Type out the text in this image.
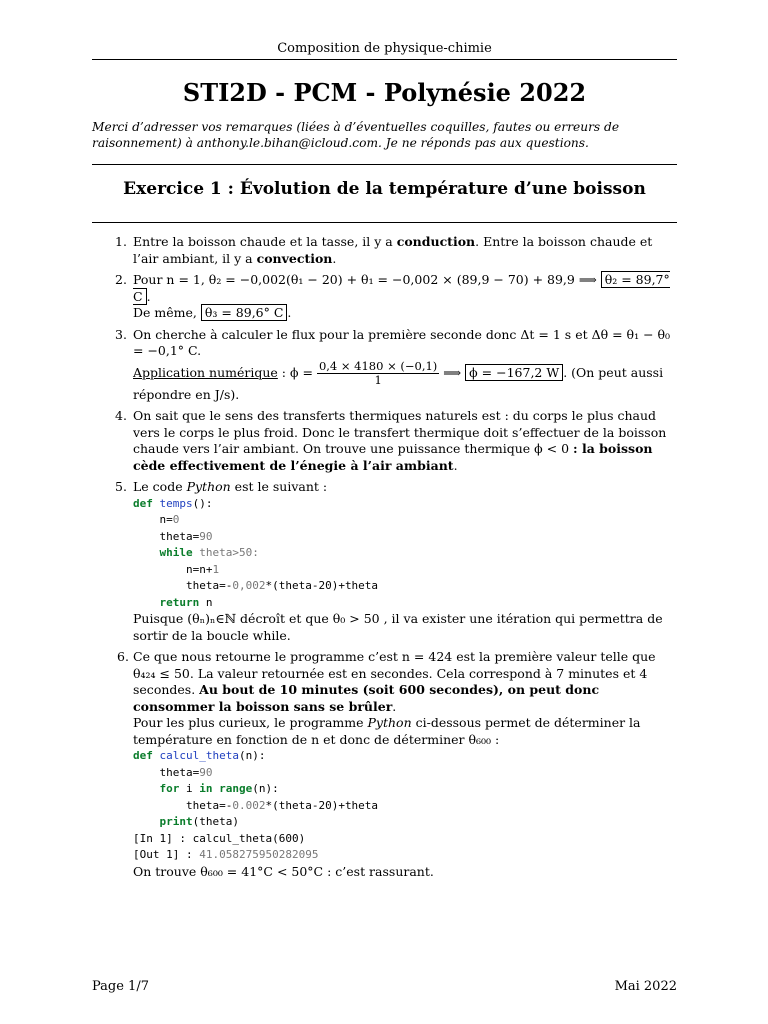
Composition de physique-chimie
STI2D - PCM - Polynésie 2022
Merci d’adresser vos remarques (liées à d’éventuelles coquilles, fautes ou erreurs de raisonnement) à anthony.le.bihan@icloud.com. Je ne réponds pas aux questions.
Exercice 1 : Évolution de la température d’une boisson
1. Entre la boisson chaude et la tasse, il y a conduction. Entre la boisson chaude et l’air ambiant, il y a convection.
2. Pour n = 1, θ₂ = −0,002(θ₁ − 20) + θ₁ = −0,002 × (89,9 − 70) + 89,9 ⟹ θ₂ = 89,7° C .
De même, θ₃ = 89,6° C .
3. On cherche à calculer le flux pour la première seconde donc Δt = 1 s et Δθ = θ₁ − θ₀ = −0,1° C.
Application numérique : $\phi = \frac{0,4 \times 4180 \times (-0,1)}{1}$ ⟹ ϕ = −167,2 W . (On peut aussi répondre en J/s).
4. On sait que le sens des transferts thermiques naturels est : du corps le plus chaud vers le corps le plus froid. Donc le transfert thermique doit s’effectuer de la boisson chaude vers l’air ambiant. On trouve une puissance thermique ϕ < 0 : la boisson cède effectivement de l’énegie à l’air ambiant.
5. Le code Python est le suivant :
def temps():
n=0
theta=90
while theta>50:
n=n+1
theta=-0,002*(theta-20)+theta
return n
Puisque (θₙ)ₙ∈ℕ décroît et que θ₀ > 50 , il va exister une itération qui permettra de sortir de la boucle while.
6. Ce que nous retourne le programme c’est n = 424 est la première valeur telle que θ₄₂₄ ≤ 50. La valeur retournée est en secondes. Cela correspond à 7 minutes et 4 secondes. Au bout de 10 minutes (soit 600 secondes), on peut donc consommer la boisson sans se brûler.
Pour les plus curieux, le programme Python ci-dessous permet de déterminer la température en fonction de n et donc de déterminer θ₆₀₀ :
def calcul_theta(n):
theta=90
for i in range(n):
theta=-0.002*(theta-20)+theta
print(theta)
[In 1] : calcul_theta(600)
[Out 1] : 41.058275950282095
On trouve θ₆₀₀ = 41°C < 50°C : c’est rassurant.
Page 1/7	Mai 2022
